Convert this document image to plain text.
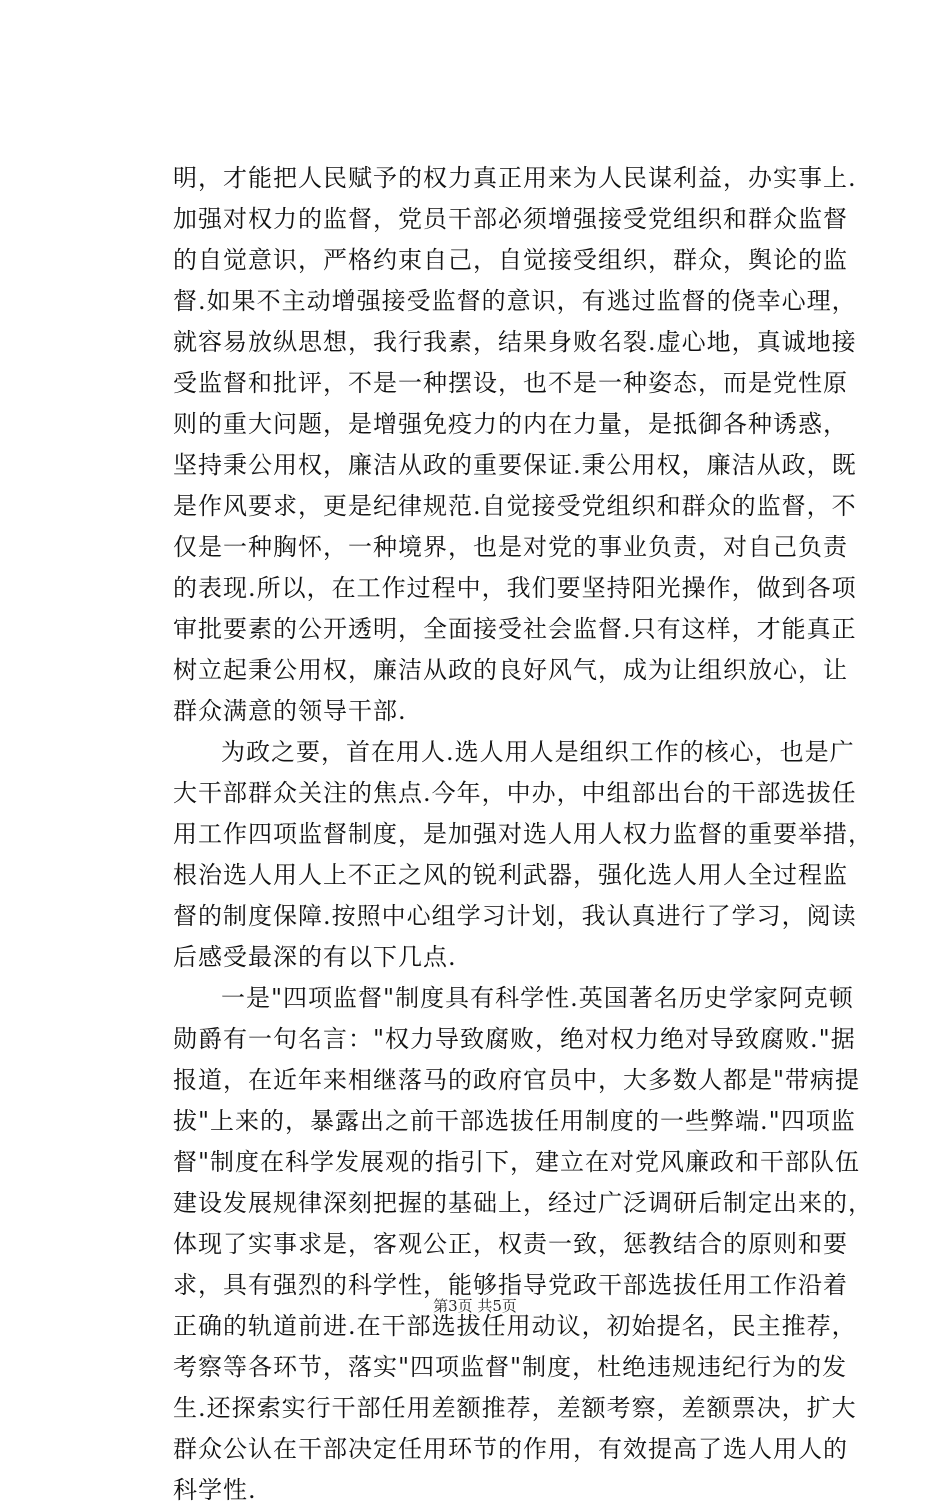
明，才能把人民赋予的权力真正用来为人民谋利益，办实事上.
加强对权力的监督，党员干部必须增强接受党组织和群众监督
的自觉意识，严格约束自己，自觉接受组织，群众，舆论的监
督.如果不主动增强接受监督的意识，有逃过监督的侥幸心理，
就容易放纵思想，我行我素，结果身败名裂.虚心地，真诚地接
受监督和批评，不是一种摆设，也不是一种姿态，而是党性原
则的重大问题，是增强免疫力的内在力量，是抵御各种诱惑，
坚持秉公用权，廉洁从政的重要保证.秉公用权，廉洁从政，既
是作风要求，更是纪律规范.自觉接受党组织和群众的监督，不
仅是一种胸怀，一种境界，也是对党的事业负责，对自己负责
的表现.所以，在工作过程中，我们要坚持阳光操作，做到各项
审批要素的公开透明，全面接受社会监督.只有这样，才能真正
树立起秉公用权，廉洁从政的良好风气，成为让组织放心，让
群众满意的领导干部.
为政之要，首在用人.选人用人是组织工作的核心，也是广
大干部群众关注的焦点.今年，中办，中组部出台的干部选拔任
用工作四项监督制度，是加强对选人用人权力监督的重要举措，
根治选人用人上不正之风的锐利武器，强化选人用人全过程监
督的制度保障.按照中心组学习计划，我认真进行了学习，阅读
后感受最深的有以下几点.
一是"四项监督"制度具有科学性.英国著名历史学家阿克顿
勋爵有一句名言："权力导致腐败，绝对权力绝对导致腐败."据
报道，在近年来相继落马的政府官员中，大多数人都是"带病提
拔"上来的，暴露出之前干部选拔任用制度的一些弊端."四项监
督"制度在科学发展观的指引下，建立在对党风廉政和干部队伍
建设发展规律深刻把握的基础上，经过广泛调研后制定出来的，
体现了实事求是，客观公正，权责一致，惩教结合的原则和要
求，具有强烈的科学性，能够指导党政干部选拔任用工作沿着
正确的轨道前进.在干部选拔任用动议，初始提名，民主推荐，
考察等各环节，落实"四项监督"制度，杜绝违规违纪行为的发
生.还探索实行干部任用差额推荐，差额考察，差额票决，扩大
群众公认在干部决定任用环节的作用，有效提高了选人用人的
科学性.
第3页 共5页
